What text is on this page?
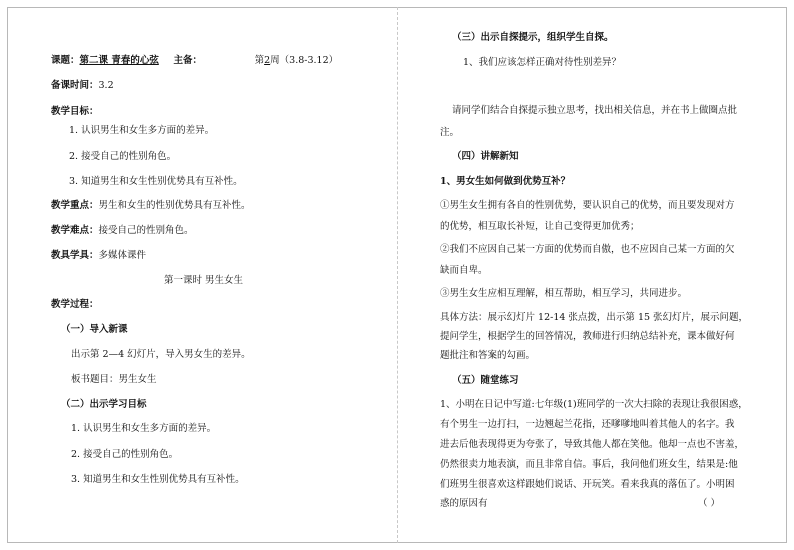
课题：第二课 青春的心弦 主备：	第2周（3.8-3.12）
备课时间：3.2
教学目标：
1. 认识男生和女生多方面的差异。
2. 接受自己的性别角色。
3. 知道男生和女生性别优势具有互补性。
教学重点：男生和女生的性别优势具有互补性。
教学难点：接受自己的性别角色。
教具学具：多媒体课件
第一课时 男生女生
教学过程：
（一）导入新课
出示第 2—4 幻灯片，导入男女生的差异。
板书题目：男生女生
（二）出示学习目标
1. 认识男生和女生多方面的差异。
2. 接受自己的性别角色。
3. 知道男生和女生性别优势具有互补性。
（三）出示自探提示，组织学生自探。
1、我们应该怎样正确对待性别差异？
请同学们结合自探提示独立思考，找出相关信息，并在书上做圈点批
注。
（四）讲解新知
1、男女生如何做到优势互补？
①男生女生拥有各自的性别优势，要认识自己的优势，而且要发现对方
的优势，相互取长补短，让自己变得更加优秀；
②我们不应因自己某一方面的优势而自傲，也不应因自己某一方面的欠
缺而自卑。
③男生女生应相互理解，相互帮助，相互学习，共同进步。
具体方法：展示幻灯片 12-14 张点拨，出示第 15 张幻灯片，展示问题，
提问学生，根据学生的回答情况，教师进行归纳总结补充，课本做好何
题批注和答案的勾画。
（五）随堂练习
1、小明在日记中写道:七年级(1)班同学的一次大扫除的表现让我很困惑，
有个男生一边打扫，一边翘起兰花指，还嗲嗲地叫着其他人的名字。我
进去后他表现得更为夸张了，导致其他人都在笑他。他却一点也不害羞，
仍然很卖力地表演，而且非常自信。事后，我问他们班女生，结果是:他
们班男生很喜欢这样跟她们说话、开玩笑。看来我真的落伍了。小明困
惑的原因有	（ ）
